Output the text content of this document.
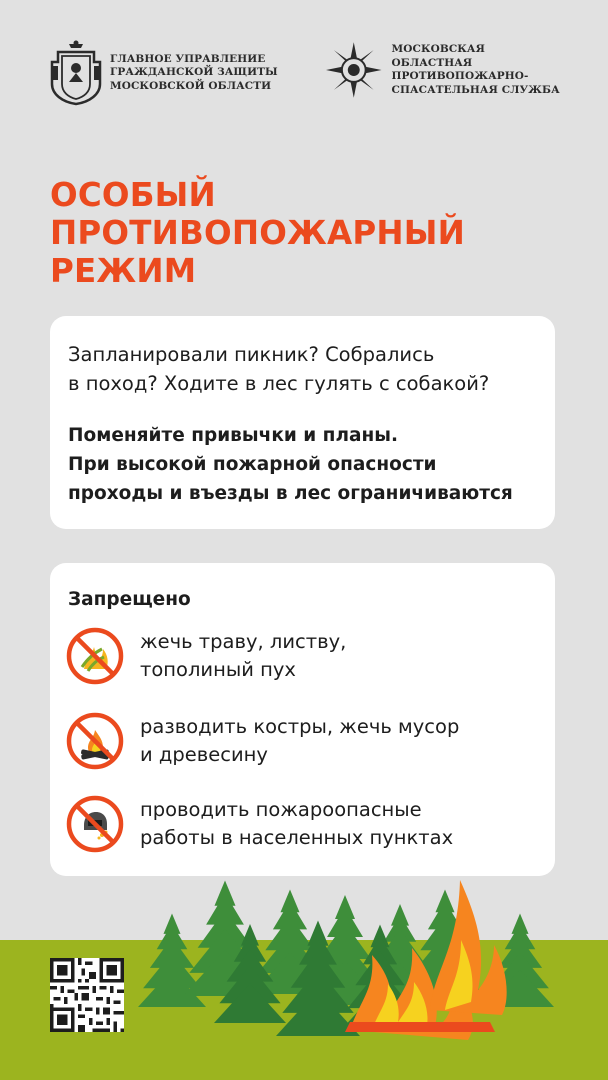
ГЛАВНОЕ УПРАВЛЕНИЕ
ГРАЖДАНСКОЙ ЗАЩИТЫ
МОСКОВСКОЙ ОБЛАСТИ
МОСКОВСКАЯ ОБЛАСТНАЯ
ПРОТИВОПОЖАРНО-
СПАСАТЕЛЬНАЯ СЛУЖБА
ОСОБЫЙ
ПРОТИВОПОЖАРНЫЙ
РЕЖИМ

Запланировали пикник? Собрались
в поход? Ходите в лес гулять с собакой?

Поменяйте привычки и планы.
При высокой пожарной опасности
проходы и въезды в лес ограничиваются

Запрещено

жечь траву, листву,
тополиный пух
разводить костры, жечь мусор
и древесину
проводить пожароопасные
работы в населенных пунктах
